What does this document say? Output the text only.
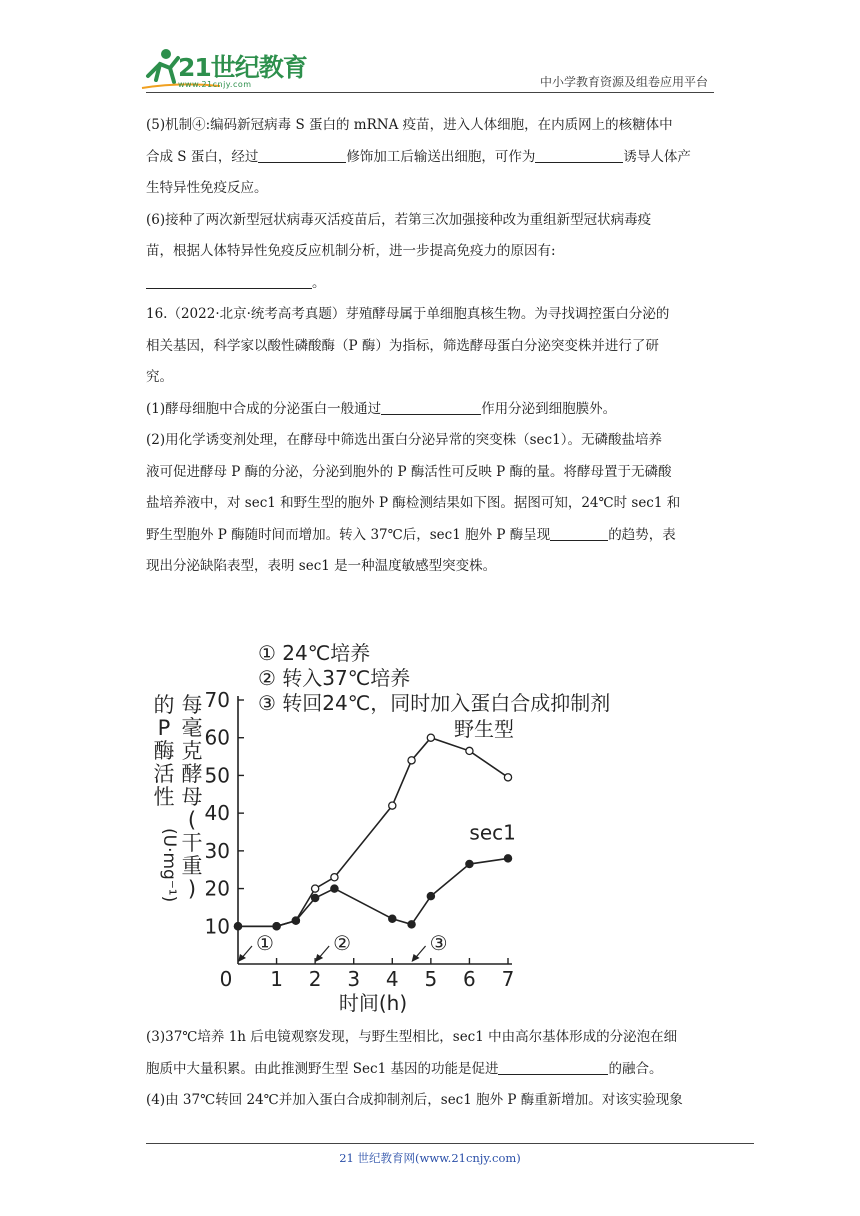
21世纪教育
www.21cnjy.com	中小学教育资源及组卷应用平台

(5)机制④:编码新冠病毒 S 蛋白的 mRNA 疫苗，进入人体细胞，在内质网上的核糖体中

合成 S 蛋白，经过	修饰加工后输送出细胞，可作为	诱导人体产

生特异性免疫反应。

(6)接种了两次新型冠状病毒灭活疫苗后，若第三次加强接种改为重组新型冠状病毒疫

苗，根据人体特异性免疫反应机制分析，进一步提高免疫力的原因有:

。

16.（2022·北京·统考高考真题）芽殖酵母属于单细胞真核生物。为寻找调控蛋白分泌的

相关基因，科学家以酸性磷酸酶（P 酶）为指标，筛选酵母蛋白分泌突变株并进行了研

究。

(1)酵母细胞中合成的分泌蛋白一般通过	作用分泌到细胞膜外。

(2)用化学诱变剂处理，在酵母中筛选出蛋白分泌异常的突变株（sec1）。无磷酸盐培养

液可促进酵母 P 酶的分泌，分泌到胞外的 P 酶活性可反映 P 酶的量。将酵母置于无磷酸

盐培养液中，对 sec1 和野生型的胞外 P 酶检测结果如下图。据图可知，24℃时 sec1 和

野生型胞外 P 酶随时间而增加。转入 37℃后，sec1 胞外 P 酶呈现	的趋势，表

现出分泌缺陷表型，表明 sec1 是一种温度敏感型突变株。

10
20
30
40
50
60
70
0 1 2 3 4 5 6 7
时间(h)
每
毫
克
酵
母
(
干
重
)
的
P
酶
活
性
(U·mg⁻¹)
① 24℃培养
② 转入37℃培养
③ 转回24℃，同时加入蛋白合成抑制剂
野生型
sec1
①	②	③

(3)37℃培养 1h 后电镜观察发现，与野生型相比，sec1 中由高尔基体形成的分泌泡在细

胞质中大量积累。由此推测野生型 Sec1 基因的功能是促进	的融合。

(4)由 37℃转回 24℃并加入蛋白合成抑制剂后，sec1 胞外 P 酶重新增加。对该实验现象

21 世纪教育网(www.21cnjy.com)
